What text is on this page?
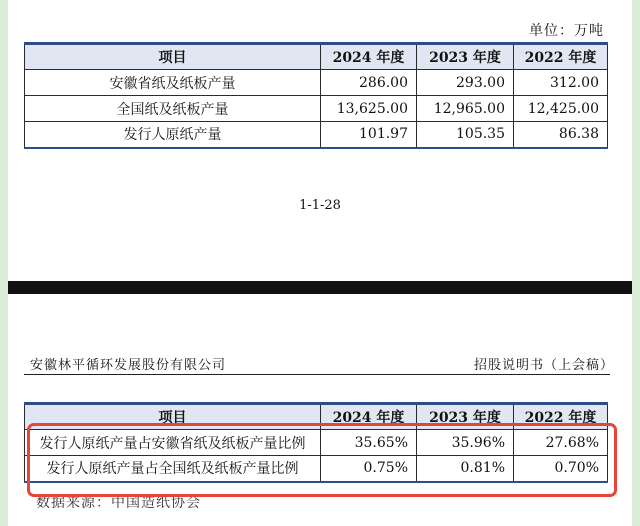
单位：万吨
项目	2024 年度	2023 年度	2022 年度
安徽省纸及纸板产量	286.00	293.00	312.00
全国纸及纸板产量	13,625.00	12,965.00	12,425.00
发行人原纸产量	101.97	105.35	86.38
1-1-28
安徽林平循环发展股份有限公司	招股说明书（上会稿）
项目	2024 年度	2023 年度	2022 年度
发行人原纸产量占安徽省纸及纸板产量比例	35.65%	35.96%	27.68%
发行人原纸产量占全国纸及纸板产量比例	0.75%	0.81%	0.70%
数据来源：中国造纸协会
